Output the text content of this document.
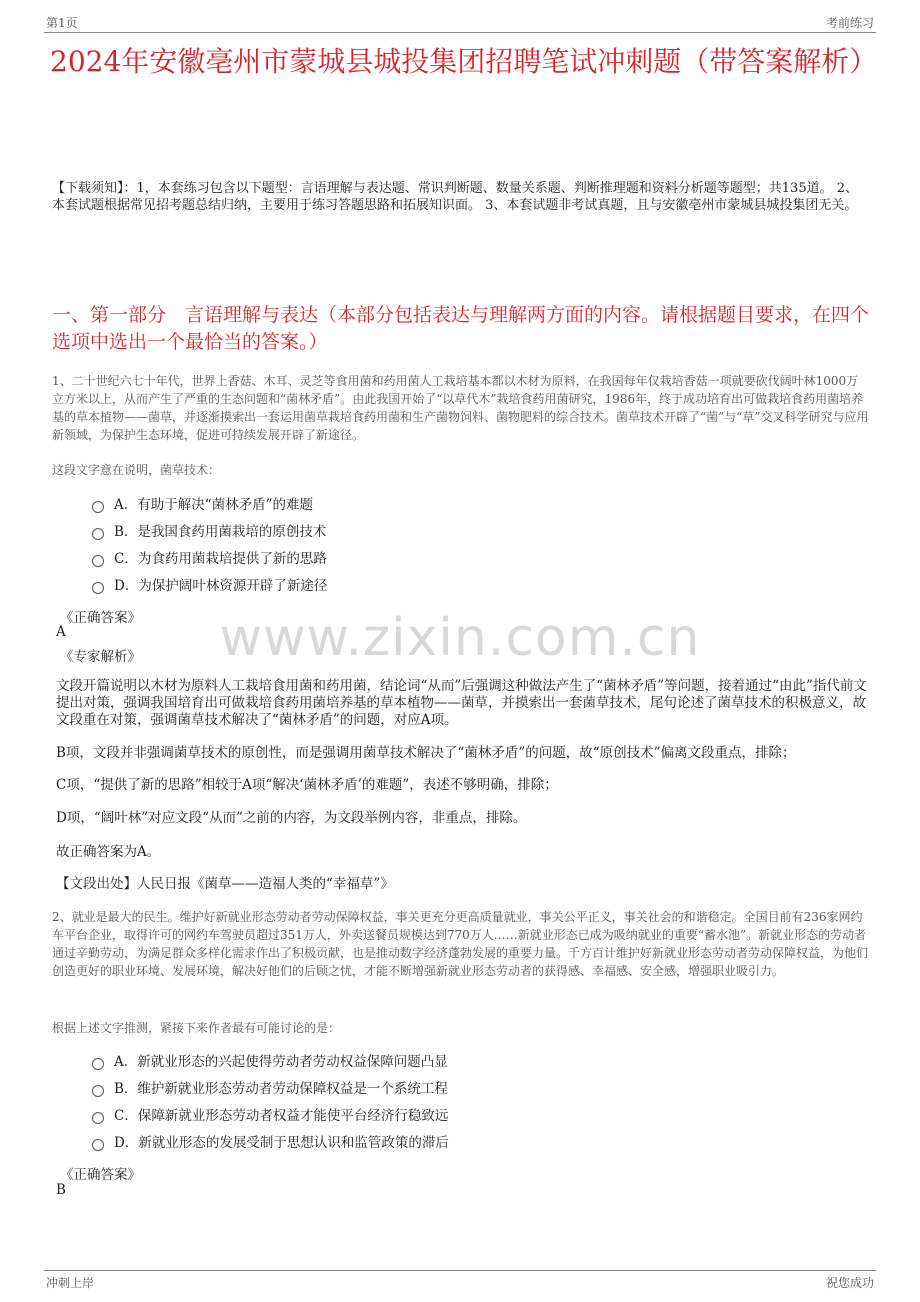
第1页	考前练习
2024年安徽亳州市蒙城县城投集团招聘笔试冲刺题（带答案解析）
【下载须知】：1，本套练习包含以下题型：言语理解与表达题、常识判断题、数量关系题、判断推理题和资料分析题等题型；共135道。 2、本套试题根据常见招考题总结归纳，主要用于练习答题思路和拓展知识面。 3、本套试题非考试真题，且与安徽亳州市蒙城县城投集团无关。
一、第一部分　言语理解与表达（本部分包括表达与理解两方面的内容。请根据题目要求，在四个选项中选出一个最恰当的答案。）
www.zixin.com.cn
1、二十世纪六七十年代，世界上香菇、木耳、灵芝等食用菌和药用菌人工栽培基本都以木材为原料，在我国每年仅栽培香菇一项就要砍伐阔叶林1000万立方米以上，从而产生了严重的生态问题和“菌林矛盾”。由此我国开始了“以草代木”栽培食药用菌研究，1986年，终于成功培育出可做栽培食药用菌培养基的草本植物——菌草，并逐渐摸索出一套运用菌草栽培食药用菌和生产菌物饲料、菌物肥料的综合技术。菌草技术开辟了“菌”与“草”交叉科学研究与应用新领域，为保护生态环境，促进可持续发展开辟了新途径。
这段文字意在说明，菌草技术：
A．有助于解决“菌林矛盾”的难题
B．是我国食药用菌栽培的原创技术
C．为食药用菌栽培提供了新的思路
D．为保护阔叶林资源开辟了新途径
《正确答案》
A
《专家解析》
文段开篇说明以木材为原料人工栽培食用菌和药用菌，结论词“从而”后强调这种做法产生了“菌林矛盾”等问题，接着通过“由此”指代前文提出对策，强调我国培育出可做栽培食药用菌培养基的草本植物——菌草，并摸索出一套菌草技术，尾句论述了菌草技术的积极意义，故文段重在对策，强调菌草技术解决了“菌林矛盾”的问题，对应A项。
B项，文段并非强调菌草技术的原创性，而是强调用菌草技术解决了“菌林矛盾”的问题，故“原创技术”偏离文段重点，排除；
C项，“提供了新的思路”相较于A项“解决‘菌林矛盾’的难题”，表述不够明确，排除；
D项，“阔叶林”对应文段“从而”之前的内容，为文段举例内容，非重点，排除。
故正确答案为A。
【文段出处】人民日报《菌草——造福人类的“幸福草”》
2、就业是最大的民生。维护好新就业形态劳动者劳动保障权益，事关更充分更高质量就业，事关公平正义，事关社会的和谐稳定。全国目前有236家网约车平台企业，取得许可的网约车驾驶员超过351万人，外卖送餐员规模达到770万人……新就业形态已成为吸纳就业的重要“蓄水池”。新就业形态的劳动者通过辛勤劳动，为满足群众多样化需求作出了积极贡献，也是推动数字经济蓬勃发展的重要力量。千方百计维护好新就业形态劳动者劳动保障权益，为他们创造更好的职业环境、发展环境，解决好他们的后顾之忧，才能不断增强新就业形态劳动者的获得感、幸福感、安全感，增强职业吸引力。
根据上述文字推测，紧接下来作者最有可能讨论的是：
A．新就业形态的兴起使得劳动者劳动权益保障问题凸显
B．维护新就业形态劳动者劳动保障权益是一个系统工程
C．保障新就业形态劳动者权益才能使平台经济行稳致远
D．新就业形态的发展受制于思想认识和监管政策的滞后
《正确答案》
B
冲刺上岸	祝您成功
